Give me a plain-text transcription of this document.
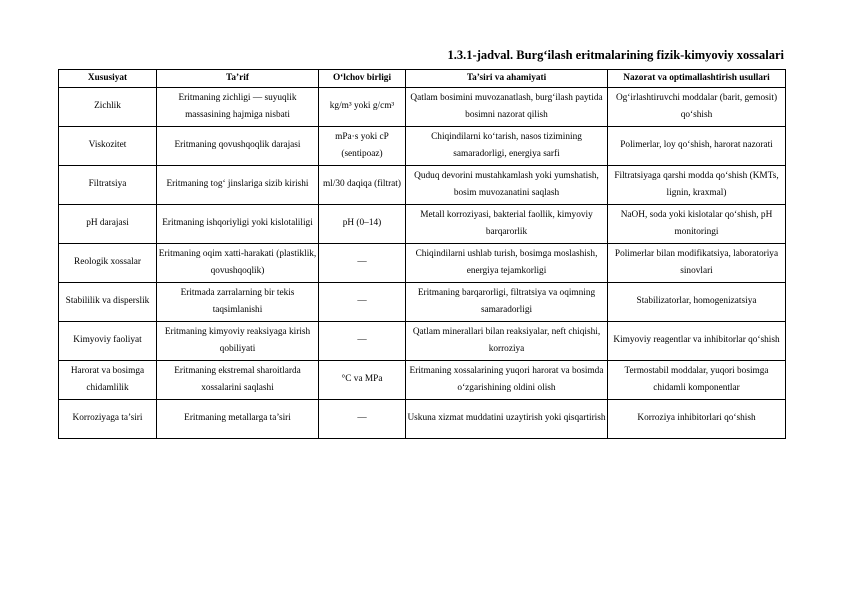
1.3.1-jadval. Burg‘ilash eritmalarining fizik-kimyoviy xossalari
Xususiyat	Ta’rif	O‘lchov birligi	Ta’siri va ahamiyati	Nazorat va optimallashtirish usullari
Zichlik	Eritmaning zichligi — suyuqlik massasining hajmiga nisbati	kg/m³ yoki g/cm³	Qatlam bosimini muvozanatlash, burg‘ilash paytida bosimni nazorat qilish	Og‘irlashtiruvchi moddalar (barit, gemosit) qo‘shish
Viskozitet	Eritmaning qovushqoqlik darajasi	mPa·s yoki cP (sentipoaz)	Chiqindilarni ko‘tarish, nasos tizimining samaradorligi, energiya sarfi	Polimerlar, loy qo‘shish, harorat nazorati
Filtratsiya	Eritmaning tog‘ jinslariga sizib kirishi	ml/30 daqiqa (filtrat)	Quduq devorini mustahkamlash yoki yumshatish, bosim muvozanatini saqlash	Filtratsiyaga qarshi modda qo‘shish (KMTs, lignin, kraxmal)
pH darajasi	Eritmaning ishqoriyligi yoki kislotaliligi	pH (0–14)	Metall korroziyasi, bakterial faollik, kimyoviy barqarorlik	NaOH, soda yoki kislotalar qo‘shish, pH monitoringi
Reologik xossalar	Eritmaning oqim xatti-harakati (plastiklik, qovushqoqlik)	—	Chiqindilarni ushlab turish, bosimga moslashish, energiya tejamkorligi	Polimerlar bilan modifikatsiya, laboratoriya sinovlari
Stabililik va disperslik	Eritmada zarralarning bir tekis taqsimlanishi	—	Eritmaning barqarorligi, filtratsiya va oqimning samaradorligi	Stabilizatorlar, homogenizatsiya
Kimyoviy faoliyat	Eritmaning kimyoviy reaksiyaga kirish qobiliyati	—	Qatlam minerallari bilan reaksiyalar, neft chiqishi, korroziya	Kimyoviy reagentlar va inhibitorlar qo‘shish
Harorat va bosimga chidamlilik	Eritmaning ekstremal sharoitlarda xossalarini saqlashi	°C va MPa	Eritmaning xossalarining yuqori harorat va bosimda o‘zgarishining oldini olish	Termostabil moddalar, yuqori bosimga chidamli komponentlar
Korroziyaga ta’siri	Eritmaning metallarga ta’siri	—	Uskuna xizmat muddatini uzaytirish yoki qisqartirish	Korroziya inhibitorlari qo‘shish
